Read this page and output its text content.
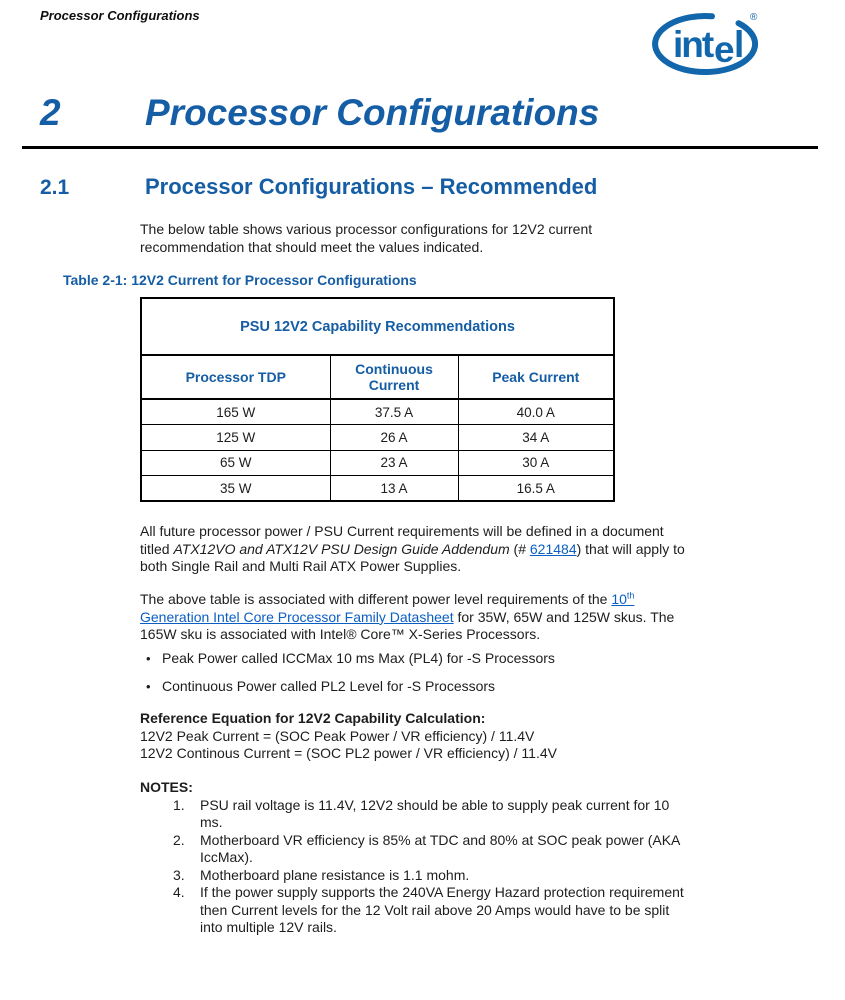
Processor Configurations
intel
®
2	Processor Configurations
2.1	Processor Configurations – Recommended
The below table shows various processor configurations for 12V2 current
recommendation that should meet the values indicated.
Table 2-1: 12V2 Current for Processor Configurations
PSU 12V2 Capability Recommendations		
Processor TDP	Continuous Current	Peak Current
165 W	37.5 A	40.0 A
125 W	26 A	34 A
65 W	23 A	30 A
35 W	13 A	16.5 A
All future processor power / PSU Current requirements will be defined in a document
titled ATX12VO and ATX12V PSU Design Guide Addendum (# 621484) that will apply to
both Single Rail and Multi Rail ATX Power Supplies.
The above table is associated with different power level requirements of the 10th
Generation Intel Core Processor Family Datasheet for 35W, 65W and 125W skus. The
165W sku is associated with Intel® Core™ X-Series Processors.
• Peak Power called ICCMax 10 ms Max (PL4) for -S Processors
• Continuous Power called PL2 Level for -S Processors
Reference Equation for 12V2 Capability Calculation:
12V2 Peak Current = (SOC Peak Power / VR efficiency) / 11.4V
12V2 Continous Current = (SOC PL2 power / VR efficiency) / 11.4V
NOTES:
1.	PSU rail voltage is 11.4V, 12V2 should be able to supply peak current for 10
ms.
2.	Motherboard VR efficiency is 85% at TDC and 80% at SOC peak power (AKA
IccMax).
3.	Motherboard plane resistance is 1.1 mohm.
4.	If the power supply supports the 240VA Energy Hazard protection requirement
then Current levels for the 12 Volt rail above 20 Amps would have to be split
into multiple 12V rails.
